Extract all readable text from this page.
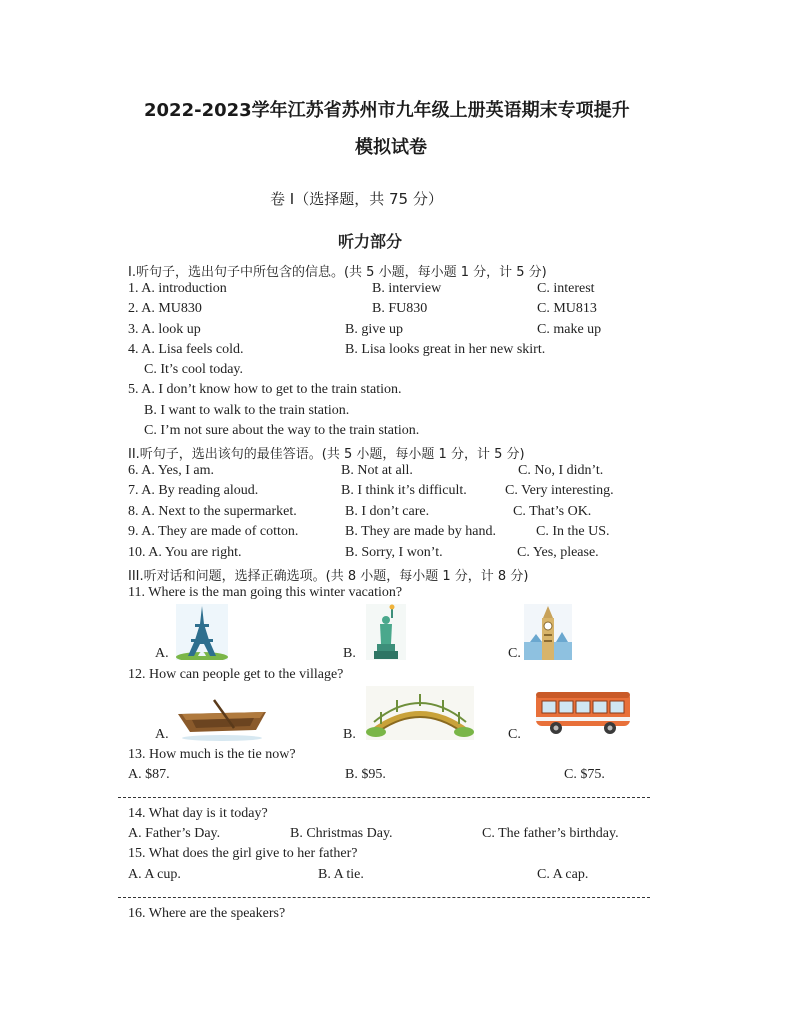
2022-2023学年江苏省苏州市九年级上册英语期末专项提升
模拟试卷
卷 I（选择题，共 75 分）
听力部分
I.听句子，选出句子中所包含的信息。(共 5 小题，每小题 1 分，计 5 分)
1. A. introduction	B. interview	C. interest
2. A. MU830	B. FU830	C. MU813
3. A. look up	B. give up	C. make up
4. A. Lisa feels cold.	B. Lisa looks great in her new skirt.
C. It’s cool today.
5. A. I don’t know how to get to the train station.
B. I want to walk to the train station.
C. I’m not sure about the way to the train station.
II.听句子，选出该句的最佳答语。(共 5 小题，每小题 1 分，计 5 分)
6. A. Yes, I am.	B. Not at all.	C. No, I didn’t.
7. A. By reading aloud.	B. I think it’s difficult.	C. Very interesting.
8. A. Next to the supermarket.	B. I don’t care.	C. That’s OK.
9. A. They are made of cotton.	B. They are made by hand.	C. In the US.
10. A. You are right.	B. Sorry, I won’t.	C. Yes, please.
III.听对话和问题，选择正确选项。(共 8 小题，每小题 1 分，计 8 分)
11. Where is the man going this winter vacation?
A.	B.	C.
12. How can people get to the village?
A.	B.	C.
13. How much is the tie now?
A. $87.	B. $95.	C. $75.
14. What day is it today?
A. Father’s Day.	B. Christmas Day.	C. The father’s birthday.
15. What does the girl give to her father?
A. A cup.	B. A tie.	C. A cap.
16. Where are the speakers?
